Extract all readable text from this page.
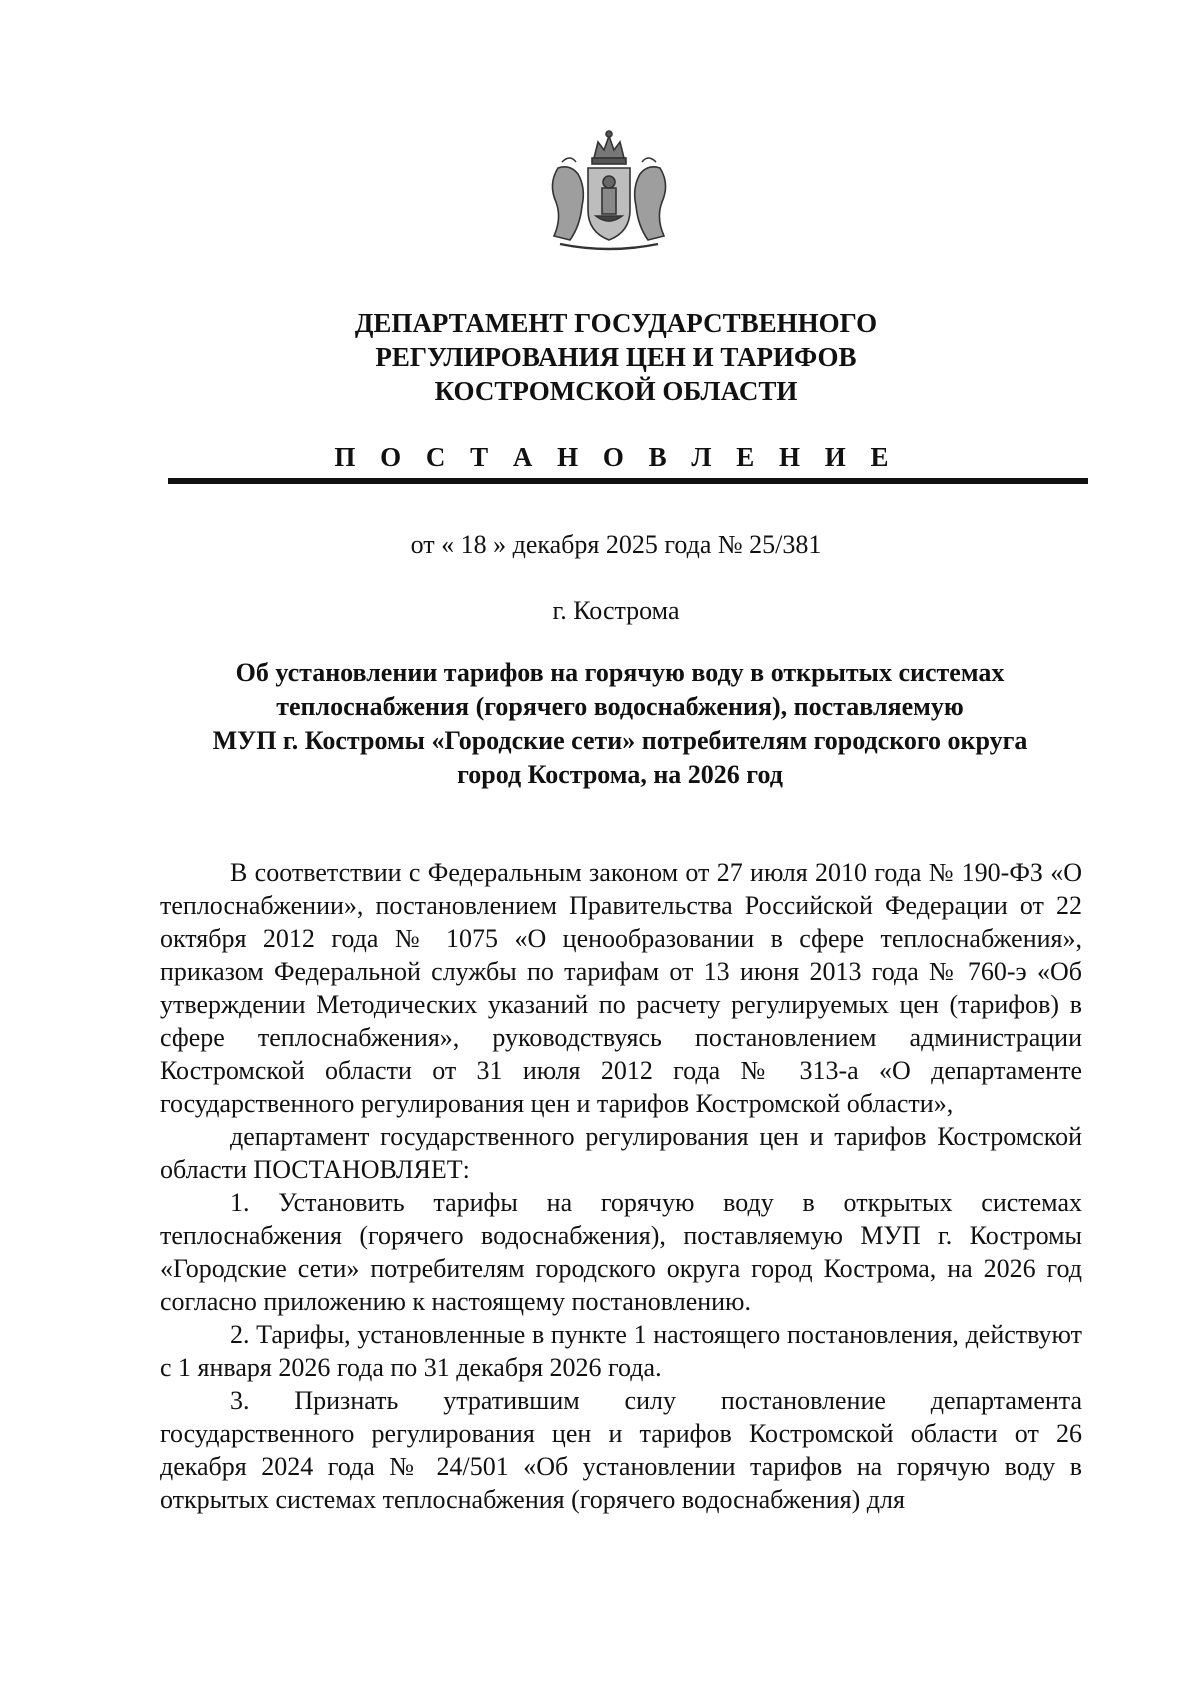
ДЕПАРТАМЕНТ ГОСУДАРСТВЕННОГО
РЕГУЛИРОВАНИЯ ЦЕН И ТАРИФОВ
КОСТРОМСКОЙ ОБЛАСТИ
П О С Т А Н О В Л Е Н И Е
от « 18 » декабря 2025 года № 25/381
г. Кострома
Об установлении тарифов на горячую воду в открытых системах
теплоснабжения (горячего водоснабжения), поставляемую
МУП г. Костромы «Городские сети» потребителям городского округа
город Кострома, на 2026 год

В соответствии с Федеральным законом от 27 июля 2010 года № 190-ФЗ «О теплоснабжении», постановлением Правительства Российской Федерации от 22 октября 2012 года № 1075 «О ценообразовании в сфере теплоснабжения», приказом Федеральной службы по тарифам от 13 июня 2013 года № 760-э «Об утверждении Методических указаний по расчету регулируемых цен (тарифов) в сфере теплоснабжения», руководствуясь постановлением администрации Костромской области от 31 июля 2012 года № 313-а «О департаменте государственного регулирования цен и тарифов Костромской области»,

департамент государственного регулирования цен и тарифов Костромской области ПОСТАНОВЛЯЕТ:

1. Установить тарифы на горячую воду в открытых системах теплоснабжения (горячего водоснабжения), поставляемую МУП г. Костромы «Городские сети» потребителям городского округа город Кострома, на 2026 год согласно приложению к настоящему постановлению.

2. Тарифы, установленные в пункте 1 настоящего постановления, действуют с 1 января 2026 года по 31 декабря 2026 года.

3. Признать утратившим силу постановление департамента государственного регулирования цен и тарифов Костромской области от 26 декабря 2024 года № 24/501 «Об установлении тарифов на горячую воду в открытых системах теплоснабжения (горячего водоснабжения) для
